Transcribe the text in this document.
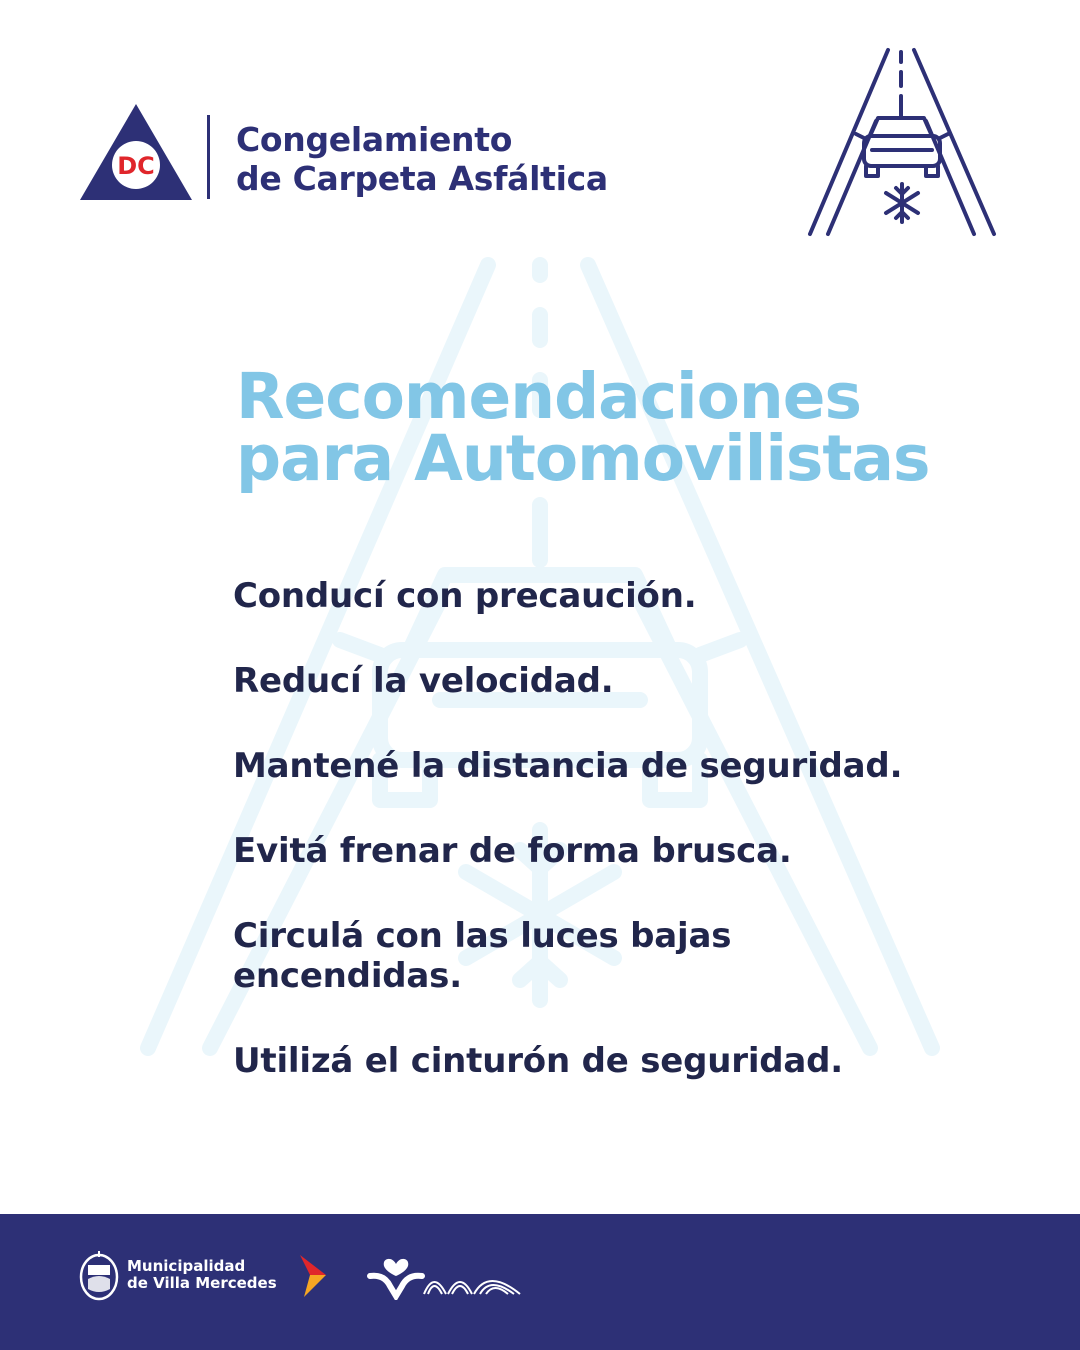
DC
Congelamiento
de Carpeta Asfáltica
Recomendaciones
para Automovilistas
Conducí con precaución.
Reducí la velocidad.
Mantené la distancia de seguridad.
Evitá frenar de forma brusca.
Circulá con las luces bajas encendidas.
Utilizá el cinturón de seguridad.
Municipalidad
de Villa Mercedes
